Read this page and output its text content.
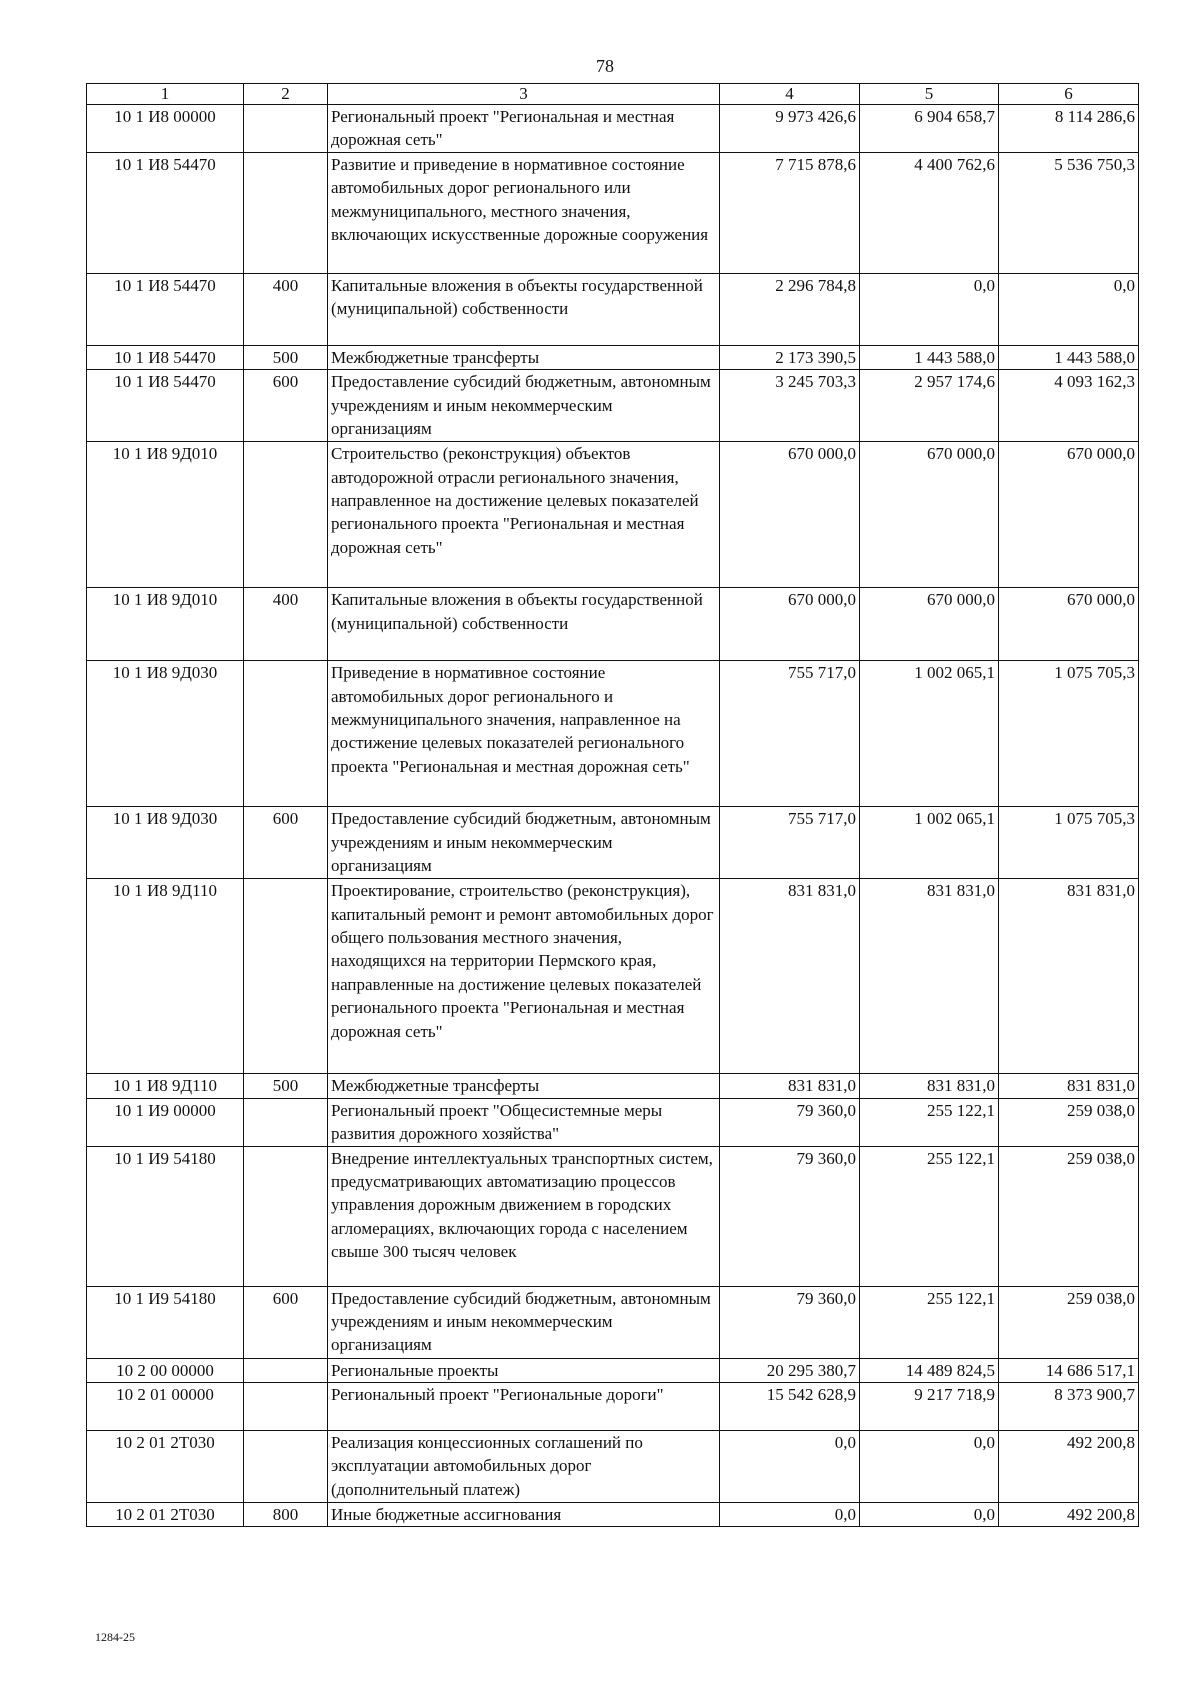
78
1	2	3	4	5	6
10 1 И8 00000		Региональный проект "Региональная и местная дорожная сеть"	9 973 426,6	6 904 658,7	8 114 286,6
10 1 И8 54470		Развитие и приведение в нормативное состояние автомобильных дорог регионального или межмуниципального, местного значения, включающих искусственные дорожные сооружения	7 715 878,6	4 400 762,6	5 536 750,3
10 1 И8 54470	400	Капитальные вложения в объекты государственной (муниципальной) собственности	2 296 784,8	0,0	0,0
10 1 И8 54470	500	Межбюджетные трансферты	2 173 390,5	1 443 588,0	1 443 588,0
10 1 И8 54470	600	Предоставление субсидий бюджетным, автономным учреждениям и иным некоммерческим организациям	3 245 703,3	2 957 174,6	4 093 162,3
10 1 И8 9Д010		Строительство (реконструкция) объектов автодорожной отрасли регионального значения, направленное на достижение целевых показателей регионального проекта "Региональная и местная дорожная сеть"	670 000,0	670 000,0	670 000,0
10 1 И8 9Д010	400	Капитальные вложения в объекты государственной (муниципальной) собственности	670 000,0	670 000,0	670 000,0
10 1 И8 9Д030		Приведение в нормативное состояние автомобильных дорог регионального и межмуниципального значения, направленное на достижение целевых показателей регионального проекта "Региональная и местная дорожная сеть"	755 717,0	1 002 065,1	1 075 705,3
10 1 И8 9Д030	600	Предоставление субсидий бюджетным, автономным учреждениям и иным некоммерческим организациям	755 717,0	1 002 065,1	1 075 705,3
10 1 И8 9Д110		Проектирование, строительство (реконструкция), капитальный ремонт и ремонт автомобильных дорог общего пользования местного значения, находящихся на территории Пермского края, направленные на достижение целевых показателей регионального проекта "Региональная и местная дорожная сеть"	831 831,0	831 831,0	831 831,0
10 1 И8 9Д110	500	Межбюджетные трансферты	831 831,0	831 831,0	831 831,0
10 1 И9 00000		Региональный проект "Общесистемные меры развития дорожного хозяйства"	79 360,0	255 122,1	259 038,0
10 1 И9 54180		Внедрение интеллектуальных транспортных систем, предусматривающих автоматизацию процессов управления дорожным движением в городских агломерациях, включающих города с населением свыше 300 тысяч человек	79 360,0	255 122,1	259 038,0
10 1 И9 54180	600	Предоставление субсидий бюджетным, автономным учреждениям и иным некоммерческим организациям	79 360,0	255 122,1	259 038,0
10 2 00 00000		Региональные проекты	20 295 380,7	14 489 824,5	14 686 517,1
10 2 01 00000		Региональный проект "Региональные дороги"	15 542 628,9	9 217 718,9	8 373 900,7
10 2 01 2Т030		Реализация концессионных соглашений по эксплуатации автомобильных дорог (дополнительный платеж)	0,0	0,0	492 200,8
10 2 01 2Т030	800	Иные бюджетные ассигнования	0,0	0,0	492 200,8
1284-25
